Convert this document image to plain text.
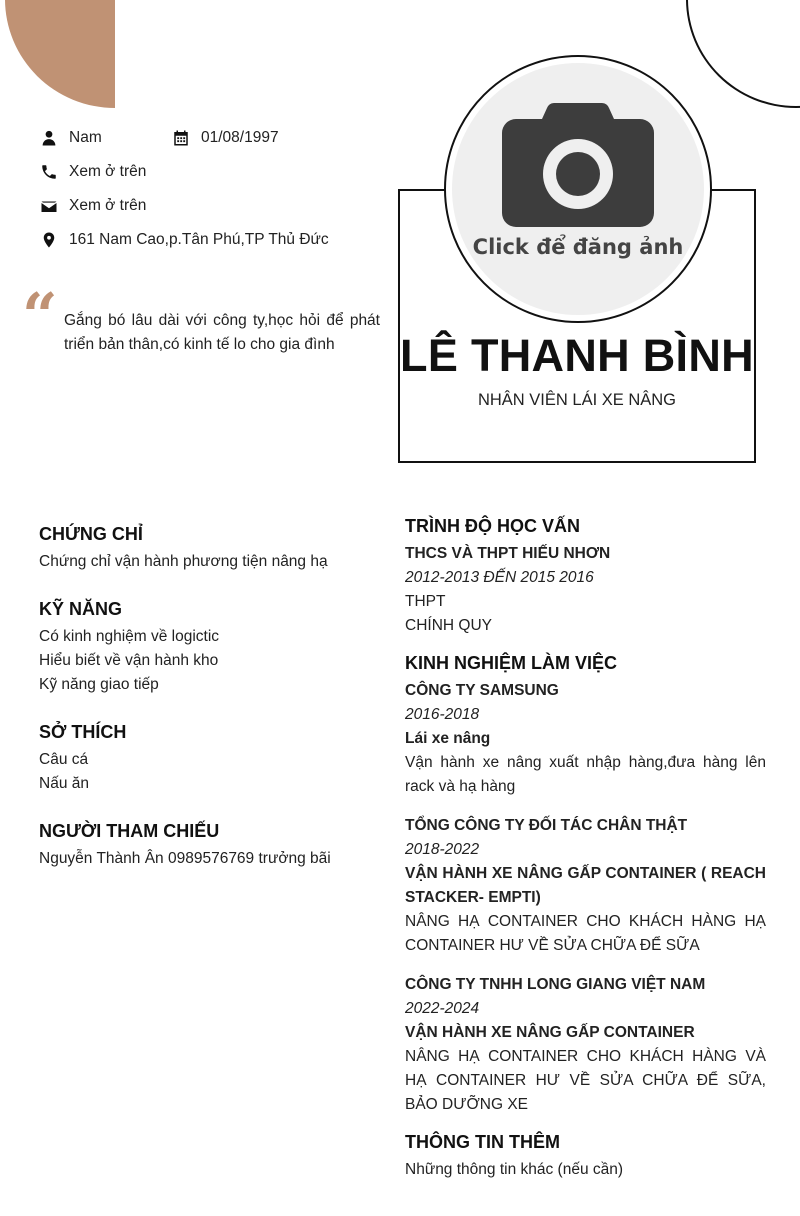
Nam	01/08/1997
Xem ở trên
Xem ở trên
161 Nam Cao,p.Tân Phú,TP Thủ Đức
“ Gắng bó lâu dài với công ty,học hỏi để phát triển bản thân,có kinh tế lo cho gia đình
Click để đăng ảnh
LÊ THANH BÌNH
NHÂN VIÊN LÁI XE NÂNG
CHỨNG CHỈ
Chứng chỉ vận hành phương tiện nâng hạ
KỸ NĂNG
Có kinh nghiệm về logictic
Hiểu biết về vận hành kho
Kỹ năng giao tiếp
SỞ THÍCH
Câu cá
Nấu ăn
NGƯỜI THAM CHIẾU
Nguyễn Thành Ân 0989576769 trưởng bãi
TRÌNH ĐỘ HỌC VẤN
THCS VÀ THPT HIẾU NHƠN
2012-2013 ĐẾN 2015 2016
THPT
CHÍNH QUY
KINH NGHIỆM LÀM VIỆC
CÔNG TY SAMSUNG
2016-2018
Lái xe nâng
Vận hành xe nâng xuất nhập hàng,đưa hàng lên rack và hạ hàng
TỔNG CÔNG TY ĐỐI TÁC CHÂN THẬT
2018-2022
VẬN HÀNH XE NÂNG GẤP CONTAINER ( REACH STACKER- EMPTI)
NÂNG HẠ CONTAINER CHO KHÁCH HÀNG HẠ CONTAINER HƯ VỀ SỬA CHỮA ĐỂ SỮA
CÔNG TY TNHH LONG GIANG VIỆT NAM
2022-2024
VẬN HÀNH XE NÂNG GẤP CONTAINER
NÂNG HẠ CONTAINER CHO KHÁCH HÀNG VÀ HẠ CONTAINER HƯ VỀ SỬA CHỮA ĐỂ SỮA, BẢO DƯỠNG XE
THÔNG TIN THÊM
Những thông tin khác (nếu cần)
